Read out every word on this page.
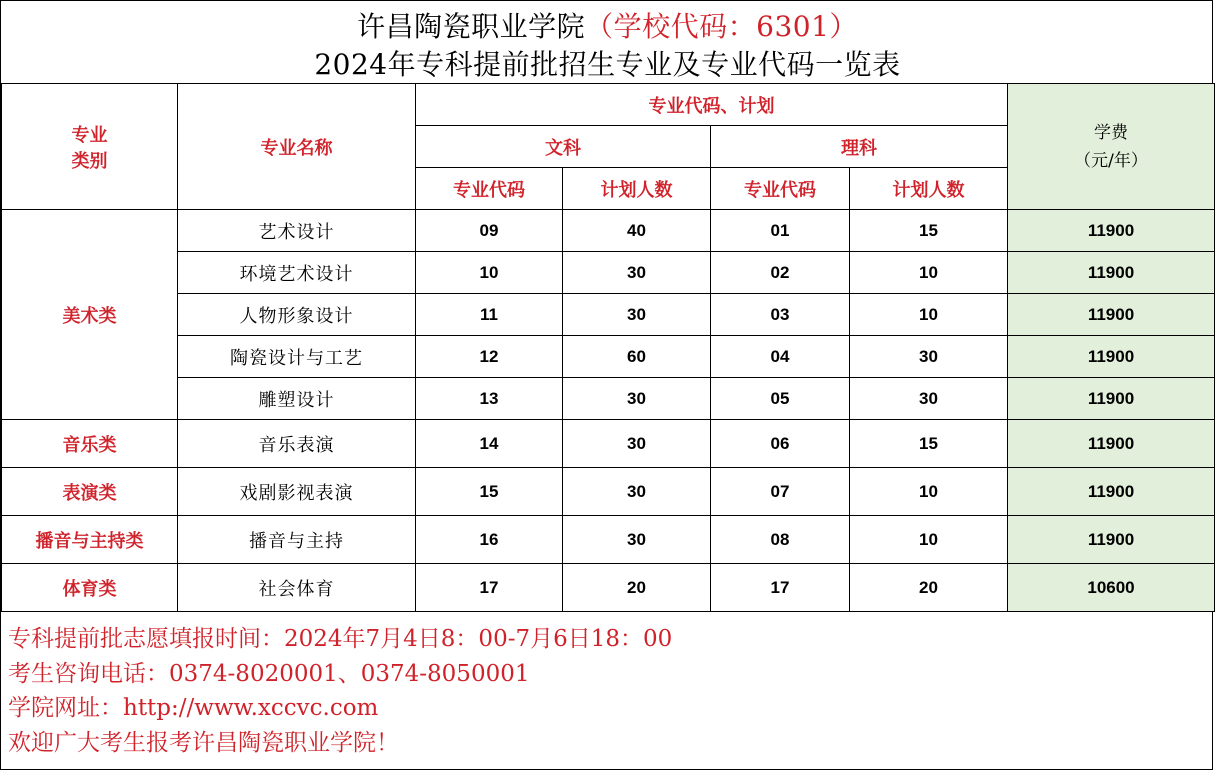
许昌陶瓷职业学院（学校代码：6301）
2024年专科提前批招生专业及专业代码一览表
专业
类别	专业名称	专业代码、计划				学费
（元/年）
		文科		理科		
		专业代码	计划人数	专业代码	计划人数	
美术类	艺术设计	09	40	01	15	11900
	环境艺术设计	10	30	02	10	11900
	人物形象设计	11	30	03	10	11900
	陶瓷设计与工艺	12	60	04	30	11900
	雕塑设计	13	30	05	30	11900
音乐类	音乐表演	14	30	06	15	11900
表演类	戏剧影视表演	15	30	07	10	11900
播音与主持类	播音与主持	16	30	08	10	11900
体育类	社会体育	17	20	17	20	10600
专科提前批志愿填报时间：2024年7月4日8：00-7月6日18：00
考生咨询电话：0374-8020001、0374-8050001
学院网址：http://www.xccvc.com
欢迎广大考生报考许昌陶瓷职业学院！
